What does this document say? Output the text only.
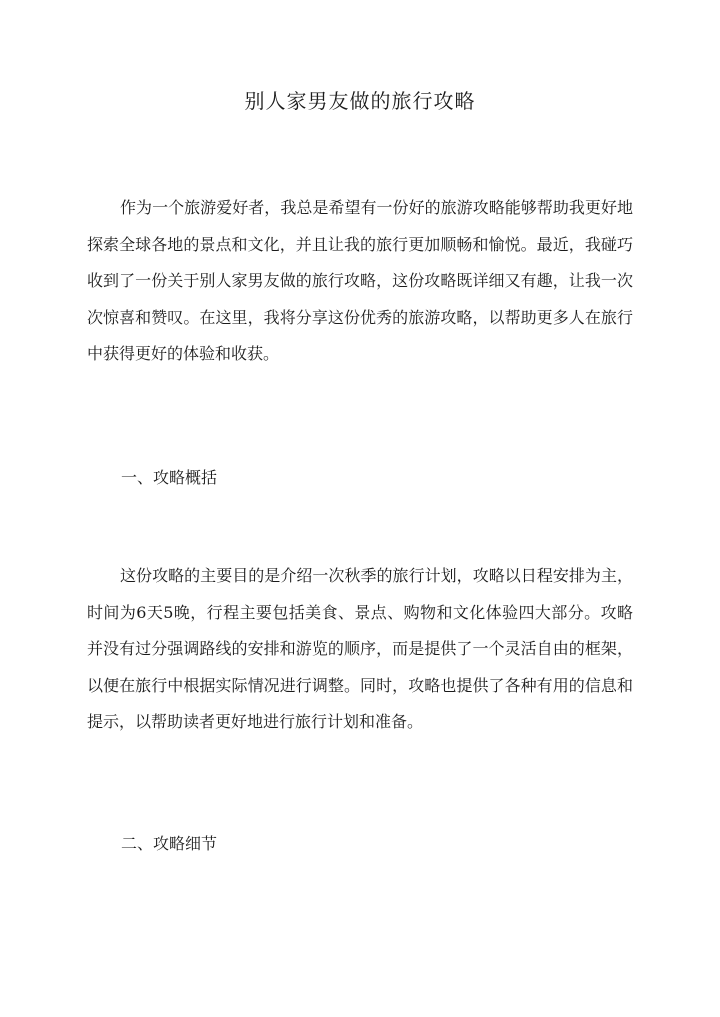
别人家男友做的旅行攻略

作为一个旅游爱好者，我总是希望有一份好的旅游攻略能够帮助我更好地探索全球各地的景点和文化，并且让我的旅行更加顺畅和愉悦。最近，我碰巧收到了一份关于别人家男友做的旅行攻略，这份攻略既详细又有趣，让我一次次惊喜和赞叹。在这里，我将分享这份优秀的旅游攻略，以帮助更多人在旅行中获得更好的体验和收获。

一、攻略概括

这份攻略的主要目的是介绍一次秋季的旅行计划，攻略以日程安排为主，时间为6天5晚，行程主要包括美食、景点、购物和文化体验四大部分。攻略并没有过分强调路线的安排和游览的顺序，而是提供了一个灵活自由的框架，以便在旅行中根据实际情况进行调整。同时，攻略也提供了各种有用的信息和提示，以帮助读者更好地进行旅行计划和准备。

二、攻略细节
